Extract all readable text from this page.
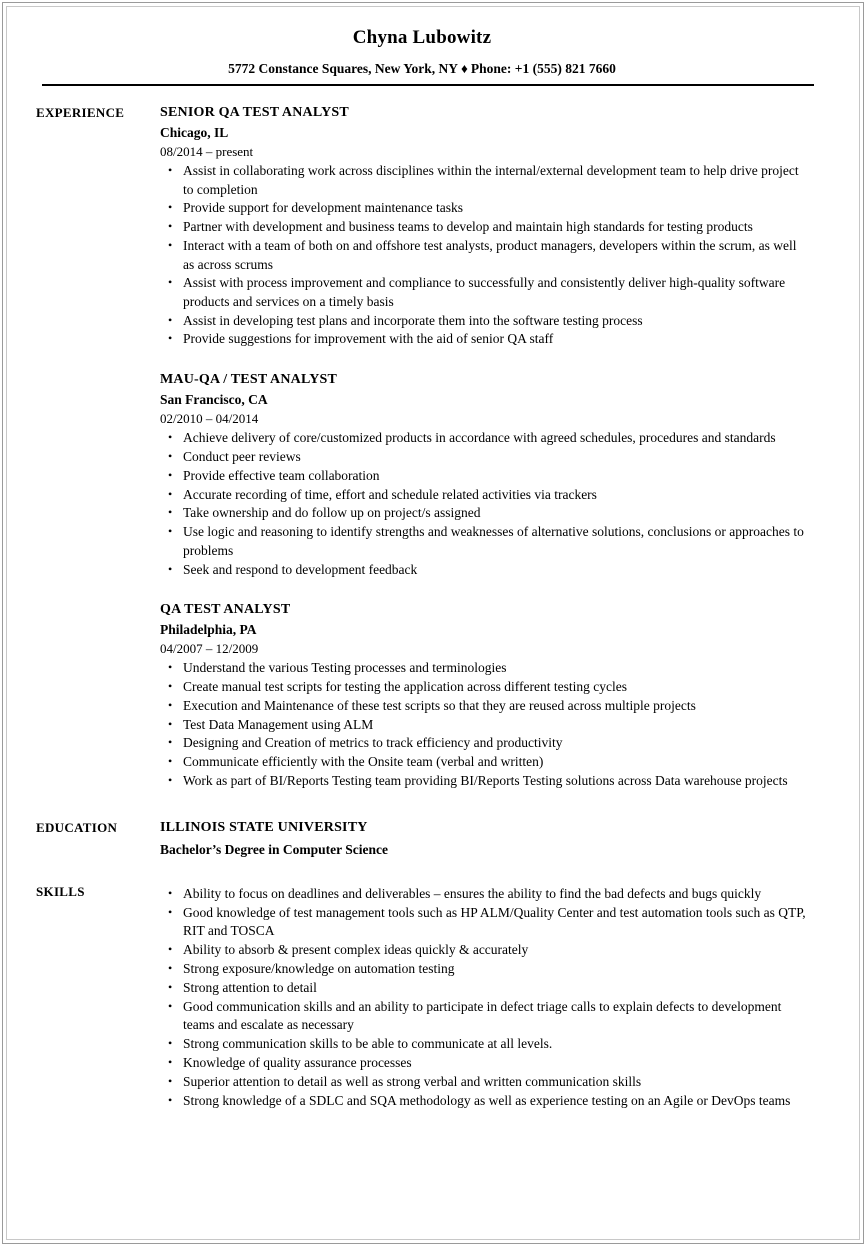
Chyna Lubowitz
5772 Constance Squares, New York, NY ♦ Phone: +1 (555) 821 7660
EXPERIENCE	SENIOR QA TEST ANALYST
Chicago, IL
08/2014 – present
• Assist in collaborating work across disciplines within the internal/external development team to help drive project to completion
• Provide support for development maintenance tasks
• Partner with development and business teams to develop and maintain high standards for testing products
• Interact with a team of both on and offshore test analysts, product managers, developers within the scrum, as well as across scrums
• Assist with process improvement and compliance to successfully and consistently deliver high-quality software products and services on a timely basis
• Assist in developing test plans and incorporate them into the software testing process
• Provide suggestions for improvement with the aid of senior QA staff
MAU-QA / TEST ANALYST
San Francisco, CA
02/2010 – 04/2014
• Achieve delivery of core/customized products in accordance with agreed schedules, procedures and standards
• Conduct peer reviews
• Provide effective team collaboration
• Accurate recording of time, effort and schedule related activities via trackers
• Take ownership and do follow up on project/s assigned
• Use logic and reasoning to identify strengths and weaknesses of alternative solutions, conclusions or approaches to problems
• Seek and respond to development feedback
QA TEST ANALYST
Philadelphia, PA
04/2007 – 12/2009
• Understand the various Testing processes and terminologies
• Create manual test scripts for testing the application across different testing cycles
• Execution and Maintenance of these test scripts so that they are reused across multiple projects
• Test Data Management using ALM
• Designing and Creation of metrics to track efficiency and productivity
• Communicate efficiently with the Onsite team (verbal and written)
• Work as part of BI/Reports Testing team providing BI/Reports Testing solutions across Data warehouse projects
EDUCATION	ILLINOIS STATE UNIVERSITY
Bachelor’s Degree in Computer Science
SKILLS	• Ability to focus on deadlines and deliverables – ensures the ability to find the bad defects and bugs quickly
• Good knowledge of test management tools such as HP ALM/Quality Center and test automation tools such as QTP, RIT and TOSCA
• Ability to absorb & present complex ideas quickly & accurately
• Strong exposure/knowledge on automation testing
• Strong attention to detail
• Good communication skills and an ability to participate in defect triage calls to explain defects to development teams and escalate as necessary
• Strong communication skills to be able to communicate at all levels.
• Knowledge of quality assurance processes
• Superior attention to detail as well as strong verbal and written communication skills
• Strong knowledge of a SDLC and SQA methodology as well as experience testing on an Agile or DevOps teams
